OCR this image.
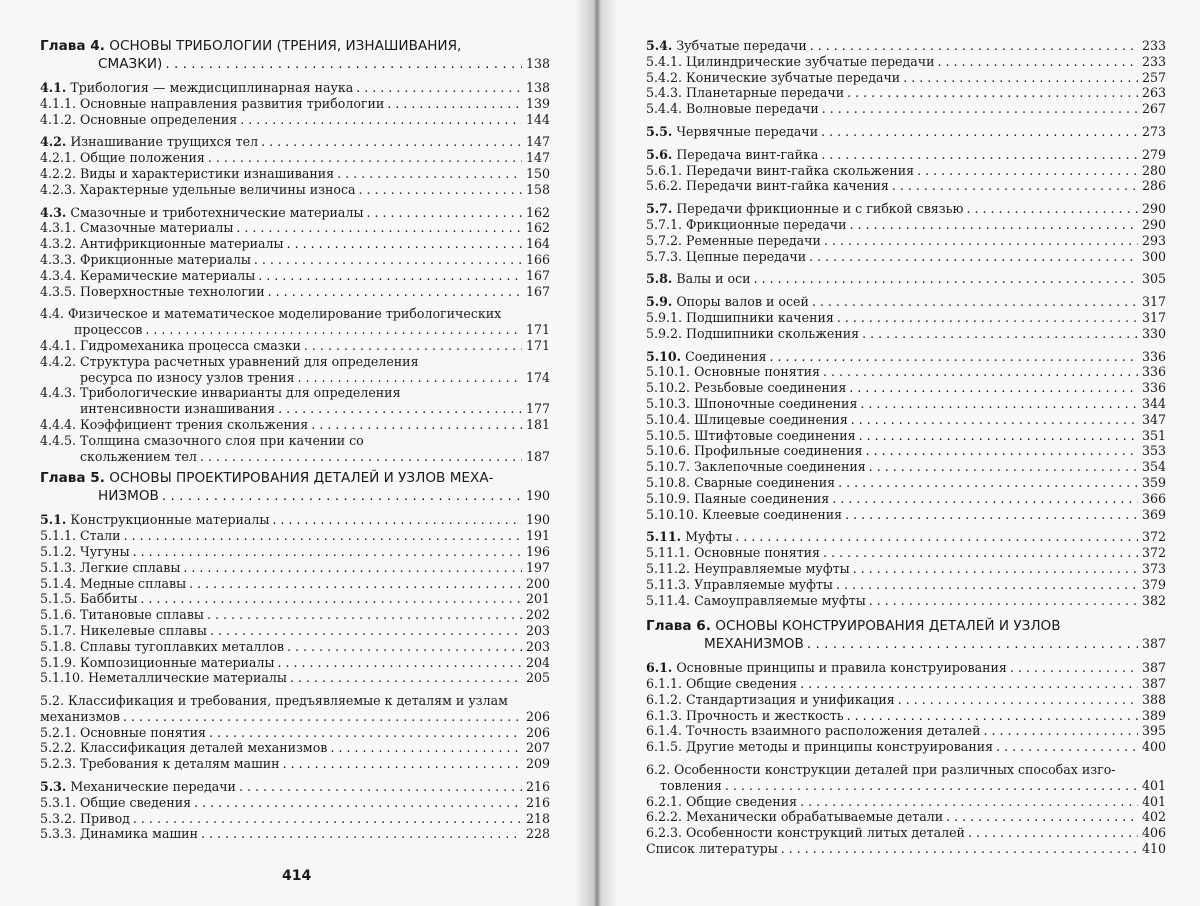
Глава 4. ОСНОВЫ ТРИБОЛОГИИ (ТРЕНИЯ, ИЗНАШИВАНИЯ,
СМАЗКИ) . . .	138
4.1. Трибология — междисциплинарная наука . . .	138
4.1.1. Основные направления развития трибологии . . .	139
4.1.2. Основные определения . . .	144
4.2. Изнашивание трущихся тел . . .	147
4.2.1. Общие положения . . .	147
4.2.2. Виды и характеристики изнашивания . . .	150
4.2.3. Характерные удельные величины износа . . .	158
4.3. Смазочные и триботехнические материалы . . .	162
4.3.1. Смазочные материалы . . .	162
4.3.2. Антифрикционные материалы . . .	164
4.3.3. Фрикционные материалы . . .	166
4.3.4. Керамические материалы . . .	167
4.3.5. Поверхностные технологии . . .	167
4.4. Физическое и математическое моделирование трибологических
процессов . . .	171
4.4.1. Гидромеханика процесса смазки . . .	171
4.4.2. Структура расчетных уравнений для определения
ресурса по износу узлов трения . . .	174
4.4.3. Трибологические инварианты для определения
интенсивности изнашивания . . .	177
4.4.4. Коэффициент трения скольжения . . .	181
4.4.5. Толщина смазочного слоя при качении со
скольжением тел . . .	187
Глава 5. ОСНОВЫ ПРОЕКТИРОВАНИЯ ДЕТАЛЕЙ И УЗЛОВ МЕХА-
НИЗМОВ . . .	190
5.1. Конструкционные материалы . . .	190
5.1.1. Стали . . .	191
5.1.2. Чугуны . . .	196
5.1.3. Легкие сплавы . . .	197
5.1.4. Медные сплавы . . .	200
5.1.5. Баббиты . . .	201
5.1.6. Титановые сплавы . . .	202
5.1.7. Никелевые сплавы . . .	203
5.1.8. Сплавы тугоплавких металлов . . .	203
5.1.9. Композиционные материалы . . .	204
5.1.10. Неметаллические материалы . . .	205
5.2. Классификация и требования, предъявляемые к деталям и узлам
механизмов . . .	206
5.2.1. Основные понятия . . .	206
5.2.2. Классификация деталей механизмов . . .	207
5.2.3. Требования к деталям машин . . .	209
5.3. Механические передачи . . .	216
5.3.1. Общие сведения . . .	216
5.3.2. Привод . . .	218
5.3.3. Динамика машин . . .	228
414
5.4. Зубчатые передачи . . .	233
5.4.1. Цилиндрические зубчатые передачи . . .	233
5.4.2. Конические зубчатые передачи . . .	257
5.4.3. Планетарные передачи . . .	263
5.4.4. Волновые передачи . . .	267
5.5. Червячные передачи . . .	273
5.6. Передача винт-гайка . . .	279
5.6.1. Передачи винт-гайка скольжения . . .	280
5.6.2. Передачи винт-гайка качения . . .	286
5.7. Передачи фрикционные и с гибкой связью . . .	290
5.7.1. Фрикционные передачи . . .	290
5.7.2. Ременные передачи . . .	293
5.7.3. Цепные передачи . . .	300
5.8. Валы и оси . . .	305
5.9. Опоры валов и осей . . .	317
5.9.1. Подшипники качения . . .	317
5.9.2. Подшипники скольжения . . .	330
5.10. Соединения . . .	336
5.10.1. Основные понятия . . .	336
5.10.2. Резьбовые соединения . . .	336
5.10.3. Шпоночные соединения . . .	344
5.10.4. Шлицевые соединения . . .	347
5.10.5. Штифтовые соединения . . .	351
5.10.6. Профильные соединения . . .	353
5.10.7. Заклепочные соединения . . .	354
5.10.8. Сварные соединения . . .	359
5.10.9. Паяные соединения . . .	366
5.10.10. Клеевые соединения . . .	369
5.11. Муфты . . .	372
5.11.1. Основные понятия . . .	372
5.11.2. Неуправляемые муфты . . .	373
5.11.3. Управляемые муфты . . .	379
5.11.4. Самоуправляемые муфты . . .	382
Глава 6. ОСНОВЫ КОНСТРУИРОВАНИЯ ДЕТАЛЕЙ И УЗЛОВ
МЕХАНИЗМОВ . . .	387
6.1. Основные принципы и правила конструирования . . .	387
6.1.1. Общие сведения . . .	387
6.1.2. Стандартизация и унификация . . .	388
6.1.3. Прочность и жесткость . . .	389
6.1.4. Точность взаимного расположения деталей . . .	395
6.1.5. Другие методы и принципы конструирования . . .	400
6.2. Особенности конструкции деталей при различных способах изго-
товления . . .	401
6.2.1. Общие сведения . . .	401
6.2.2. Механически обрабатываемые детали . . .	402
6.2.3. Особенности конструкций литых деталей . . .	406
Список литературы . . .	410
